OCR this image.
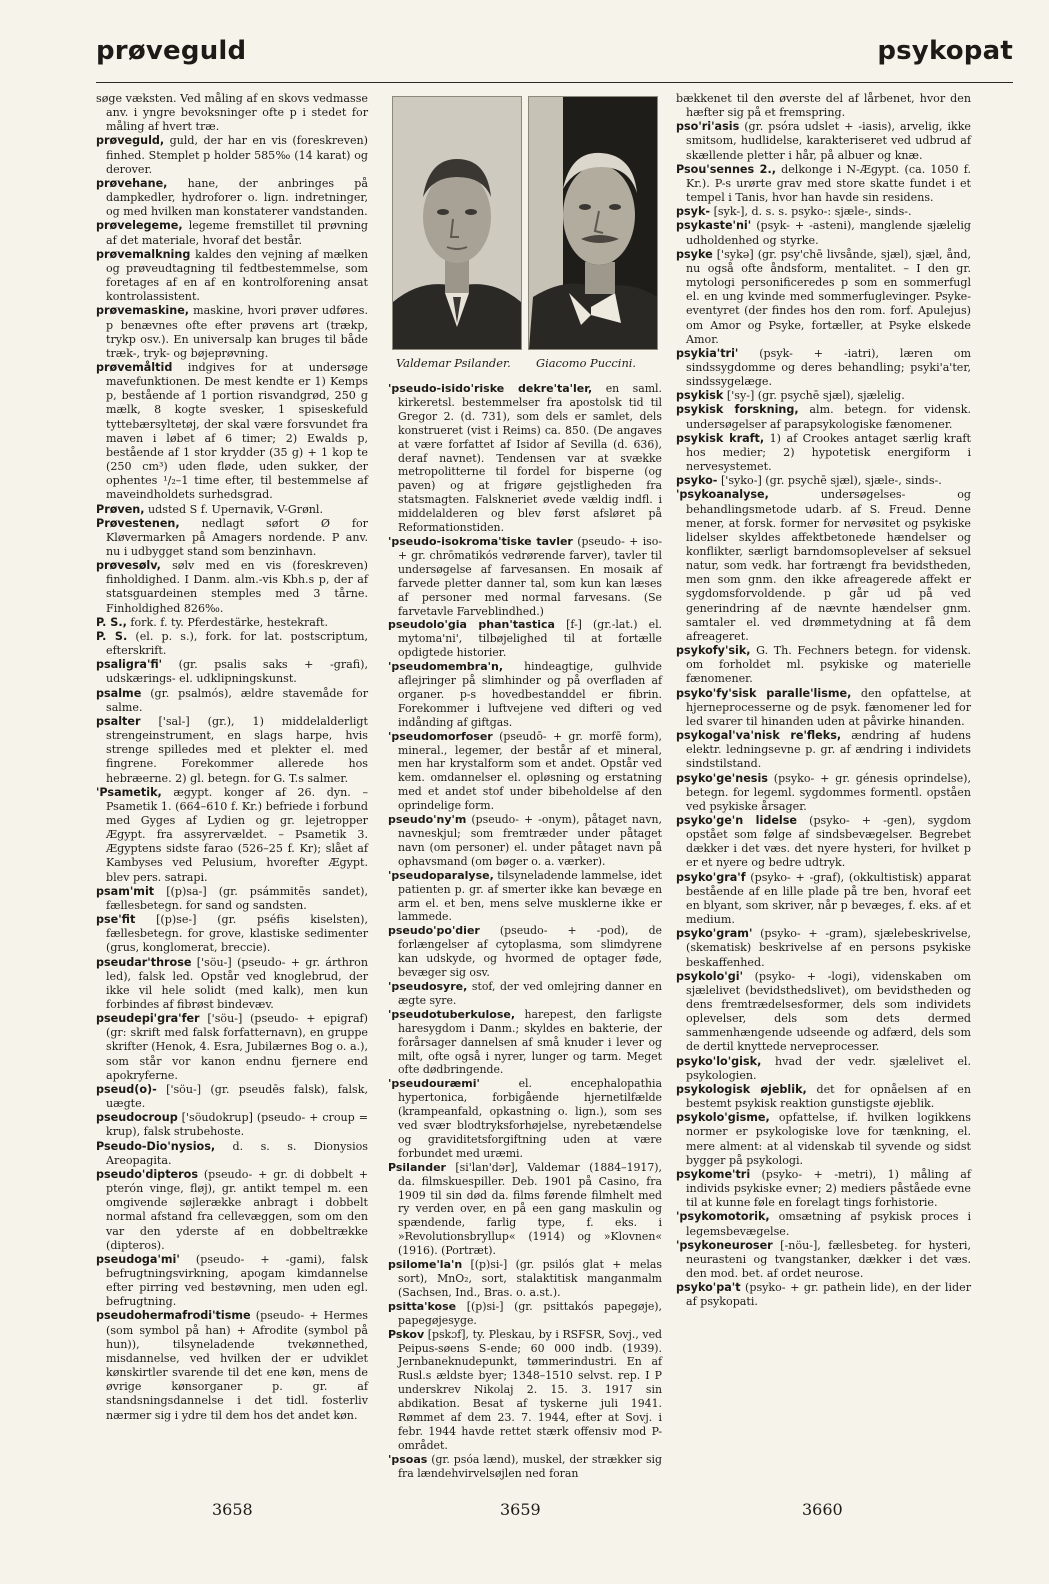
prøveguld	psykopat
Valdemar Psilander. Giacomo Puccini.

søge væksten. Ved måling af en skovs vedmasse anv. i yngre bevoksninger ofte p i stedet for måling af hvert træ.

prøveguld, guld, der har en vis (foreskreven) finhed. Stemplet p holder 585‰ (14 karat) og derover.

prøvehane, hane, der anbringes på dampkedler, hydroforer o. lign. indretninger, og med hvilken man konstaterer vandstanden.

prøvelegeme, legeme fremstillet til prøvning af det materiale, hvoraf det består.

prøvemalkning kaldes den vejning af mælken og prøveudtagning til fedtbestemmelse, som foretages af en af en kontrolforening ansat kontrolassistent.

prøvemaskine, maskine, hvori prøver udføres. p benævnes ofte efter prøvens art (trækp, trykp osv.). En universalp kan bruges til både træk-, tryk- og bøjeprøvning.

prøvemåltid indgives for at undersøge mavefunktionen. De mest kendte er 1) Kemps p, bestående af 1 portion risvandgrød, 250 g mælk, 8 kogte svesker, 1 spiseskefuld tyttebærsyltetøj, der skal være forsvundet fra maven i løbet af 6 timer; 2) Ewalds p, bestående af 1 stor krydder (35 g) + 1 kop te (250 cm³) uden fløde, uden sukker, der ophentes ¹/₂–1 time efter, til bestemmelse af maveindholdets surhedsgrad.

Prøven, udsted S f. Upernavik, V-Grønl.

Prøvestenen, nedlagt søfort Ø for Kløvermarken på Amagers nordende. P anv. nu i udbygget stand som benzinhavn.

prøvesølv, sølv med en vis (foreskreven) finholdighed. I Danm. alm.-vis Kbh.s p, der af statsguardeinen stemples med 3 tårne. Finholdighed 826‰.

P. S., fork. f. ty. Pferdestärke, hestekraft.

P. S. (el. p. s.), fork. for lat. postscriptum, efterskrift.

psaligra'fi' (gr. psalis saks + -grafi), udskærings- el. udklipningskunst.

psalme (gr. psalmós), ældre stavemåde for salme.

psalter ['sal-] (gr.), 1) middelalderligt strengeinstrument, en slags harpe, hvis strenge spilledes med et plekter el. med fingrene. Forekommer allerede hos hebræerne. 2) gl. betegn. for G. T.s salmer.

'Psametik, ægypt. konger af 26. dyn. – Psametik 1. (664–610 f. Kr.) befriede i forbund med Gyges af Lydien og gr. lejetropper Ægypt. fra assyrervældet. – Psametik 3. Ægyptens sidste farao (526–25 f. Kr); slået af Kambyses ved Pelusium, hvorefter Ægypt. blev pers. satrapi.

psam'mit [(p)sa-] (gr. psámmitēs sandet), fællesbetegn. for sand og sandsten.

pse'fit [(p)se-] (gr. pséfis kiselsten), fællesbetegn. for grove, klastiske sedimenter (grus, konglomerat, breccie).

pseudar'throse ['söu-] (pseudo- + gr. árthron led), falsk led. Opstår ved knoglebrud, der ikke vil hele solidt (med kalk), men kun forbindes af fibrøst bindevæv.

pseudepi'gra'fer ['söu-] (pseudo- + epigraf) (gr: skrift med falsk forfatternavn), en gruppe skrifter (Henok, 4. Esra, Jubilærnes Bog o. a.), som står vor kanon endnu fjernere end apokryferne.

pseud(o)- ['söu-] (gr. pseudēs falsk), falsk, uægte.

pseudocroup ['söudokrup] (pseudo- + croup = krup), falsk strubehoste.

Pseudo-Dio'nysios, d. s. s. Dionysios Areopagita.

pseudo'dipteros (pseudo- + gr. di dobbelt + pterón vinge, fløj), gr. antikt tempel m. een omgivende søjlerække anbragt i dobbelt normal afstand fra cellevæggen, som om den var den yderste af en dobbeltrække (dipteros).

pseudoga'mi' (pseudo- + -gami), falsk befrugtningsvirkning, apogam kimdannelse efter pirring ved bestøvning, men uden egl. befrugtning.

pseudohermafrodi'tisme (pseudo- + Hermes (som symbol på han) + Afrodite (symbol på hun)), tilsyneladende tvekønnethed, misdannelse, ved hvilken der er udviklet kønskirtler svarende til det ene køn, mens de øvrige kønsorganer p. gr. af standsningsdannelse i det tidl. fosterliv nærmer sig i ydre til dem hos det andet køn.

'pseudo-isido'riske dekre'ta'ler, en saml. kirkeretsl. bestemmelser fra apostolsk tid til Gregor 2. (d. 731), som dels er samlet, dels konstrueret (vist i Reims) ca. 850. (De angaves at være forfattet af Isidor af Sevilla (d. 636), deraf navnet). Tendensen var at svække metropolitterne til fordel for bisperne (og paven) og at frigøre gejstligheden fra statsmagten. Falskneriet øvede vældig indfl. i middelalderen og blev først afsløret på Reformationstiden.

'pseudo-isokroma'tiske tavler (pseudo- + iso- + gr. chrōmatikós vedrørende farver), tavler til undersøgelse af farvesansen. En mosaik af farvede pletter danner tal, som kun kan læses af personer med normal farvesans. (Se farvetavle Farveblindhed.)

pseudolo'gia phan'tastica [f-] (gr.-lat.) el. mytoma'ni', tilbøjelighed til at fortælle opdigtede historier.

'pseudomembra'n, hindeagtige, gulhvide aflejringer på slimhinder og på overfladen af organer. p-s hovedbestanddel er fibrin. Forekommer i luftvejene ved difteri og ved indånding af giftgas.

'pseudomorfoser (pseudō- + gr. morfē form), mineral., legemer, der består af et mineral, men har krystalform som et andet. Opstår ved kem. omdannelser el. opløsning og erstatning med et andet stof under bibeholdelse af den oprindelige form.

pseudo'ny'm (pseudo- + -onym), påtaget navn, navneskjul; som fremtræder under påtaget navn (om personer) el. under påtaget navn på ophavsmand (om bøger o. a. værker).

'pseudoparalyse, tilsyneladende lammelse, idet patienten p. gr. af smerter ikke kan bevæge en arm el. et ben, mens selve musklerne ikke er lammede.

pseudo'po'dier (pseudo- + -pod), de forlængelser af cytoplasma, som slimdyrene kan udskyde, og hvormed de optager føde, bevæger sig osv.

'pseudosyre, stof, der ved omlejring danner en ægte syre.

'pseudotuberkulose, harepest, den farligste haresygdom i Danm.; skyldes en bakterie, der forårsager dannelsen af små knuder i lever og milt, ofte også i nyrer, lunger og tarm. Meget ofte dødbringende.

'pseudouræmi' el. encephalopathia hypertonica, forbigående hjernetilfælde (krampeanfald, opkastning o. lign.), som ses ved svær blodtryksforhøjelse, nyrebetændelse og graviditetsforgiftning uden at være forbundet med uræmi.

Psilander [si'lan'dər], Valdemar (1884–1917), da. filmskuespiller. Deb. 1901 på Casino, fra 1909 til sin død da. films førende filmhelt med ry verden over, en på een gang maskulin og spændende, farlig type, f. eks. i »Revolutionsbryllup« (1914) og »Klovnen« (1916). (Portræt).

psilome'la'n [(p)si-] (gr. psilós glat + melas sort), MnO₂, sort, stalaktitisk manganmalm (Sachsen, Ind., Bras. o. a.st.).

psitta'kose [(p)si-] (gr. psittakós papegøje), papegøjesyge.

Pskov [pskɔf], ty. Pleskau, by i RSFSR, Sovj., ved Peipus-søens S-ende; 60 000 indb. (1939). Jernbaneknudepunkt, tømmerindustri. En af Rusl.s ældste byer; 1348–1510 selvst. rep. I P underskrev Nikolaj 2. 15. 3. 1917 sin abdikation. Besat af tyskerne juli 1941. Rømmet af dem 23. 7. 1944, efter at Sovj. i febr. 1944 havde rettet stærk offensiv mod P-området.

'psoas (gr. psóa lænd), muskel, der strækker sig fra lændehvirvelsøjlen ned foran

bækkenet til den øverste del af lårbenet, hvor den hæfter sig på et fremspring.

pso'ri'asis (gr. psóra udslet + -iasis), arvelig, ikke smitsom, hudlidelse, karakteriseret ved udbrud af skællende pletter i hår, på albuer og knæ.

Psou'sennes 2., delkonge i N-Ægypt. (ca. 1050 f. Kr.). P-s urørte grav med store skatte fundet i et tempel i Tanis, hvor han havde sin residens.

psyk- [syk-], d. s. s. psyko-: sjæle-, sinds-.

psykaste'ni' (psyk- + -asteni), manglende sjælelig udholdenhed og styrke.

psyke ['sykə] (gr. psy'chē livsånde, sjæl), sjæl, ånd, nu også ofte åndsform, mentalitet. – I den gr. mytologi personificeredes p som en sommerfugl el. en ung kvinde med sommerfuglevinger. Psyke-eventyret (der findes hos den rom. forf. Apulejus) om Amor og Psyke, fortæller, at Psyke elskede Amor.

psykia'tri' (psyk- + -iatri), læren om sindssygdomme og deres behandling; psyki'a'ter, sindssygelæge.

psykisk ['sy-] (gr. psychē sjæl), sjælelig.

psykisk forskning, alm. betegn. for vidensk. undersøgelser af parapsykologiske fænomener.

psykisk kraft, 1) af Crookes antaget særlig kraft hos medier; 2) hypotetisk energiform i nervesystemet.

psyko- ['syko-] (gr. psychē sjæl), sjæle-, sinds-.

'psykoanalyse, undersøgelses- og behandlingsmetode udarb. af S. Freud. Denne mener, at forsk. former for nervøsitet og psykiske lidelser skyldes affektbetonede hændelser og konflikter, særligt barndomsoplevelser af seksuel natur, som vedk. har fortrængt fra bevidstheden, men som gnm. den ikke afreagerede affekt er sygdomsforvoldende. p går ud på ved generindring af de nævnte hændelser gnm. samtaler el. ved drømmetydning at få dem afreageret.

psykofy'sik, G. Th. Fechners betegn. for vidensk. om forholdet ml. psykiske og materielle fænomener.

psyko'fy'sisk paralle'lisme, den opfattelse, at hjerneprocesserne og de psyk. fænomener led for led svarer til hinanden uden at påvirke hinanden.

psykogal'va'nisk re'fleks, ændring af hudens elektr. ledningsevne p. gr. af ændring i individets sindstilstand.

psyko'ge'nesis (psyko- + gr. génesis oprindelse), betegn. for legeml. sygdommes formentl. opståen ved psykiske årsager.

psyko'ge'n lidelse (psyko- + -gen), sygdom opstået som følge af sindsbevægelser. Begrebet dækker i det væs. det nyere hysteri, for hvilket p er et nyere og bedre udtryk.

psyko'gra'f (psyko- + -graf), (okkultistisk) apparat bestående af en lille plade på tre ben, hvoraf eet en blyant, som skriver, når p bevæges, f. eks. af et medium.

psyko'gram' (psyko- + -gram), sjælebeskrivelse, (skematisk) beskrivelse af en persons psykiske beskaffenhed.

psykolo'gi' (psyko- + -logi), videnskaben om sjælelivet (bevidsthedslivet), om bevidstheden og dens fremtrædelsesformer, dels som individets oplevelser, dels som dets dermed sammenhængende udseende og adfærd, dels som de dertil knyttede nerveprocesser.

psyko'lo'gisk, hvad der vedr. sjælelivet el. psykologien.

psykologisk øjeblik, det for opnåelsen af en bestemt psykisk reaktion gunstigste øjeblik.

psykolo'gisme, opfattelse, if. hvilken logikkens normer er psykologiske love for tænkning, el. mere alment: at al videnskab til syvende og sidst bygger på psykologi.

psykome'tri (psyko- + -metri), 1) måling af individs psykiske evner; 2) mediers påståede evne til at kunne føle en forelagt tings forhistorie.

'psykomotorik, omsætning af psykisk proces i legemsbevægelse.

'psykoneuroser [-nöu-], fællesbeteg. for hysteri, neurasteni og tvangstanker, dækker i det væs. den mod. bet. af ordet neurose.

psyko'pa't (psyko- + gr. pathein lide), en der lider af psykopati.

3658	3659	3660
